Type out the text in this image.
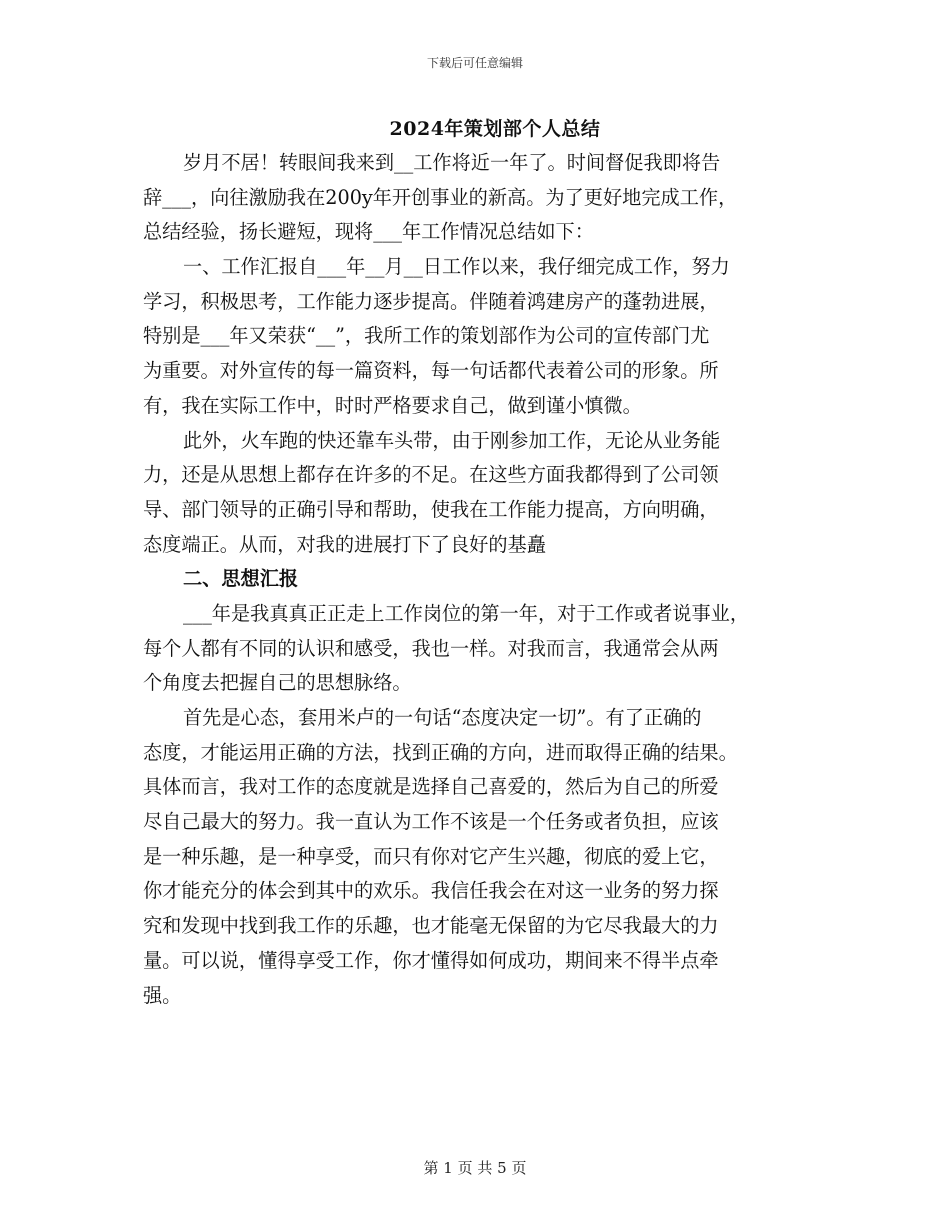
下载后可任意编辑
2024年策划部个人总结
岁月不居！转眼间我来到__工作将近一年了。时间督促我即将告
辞___，向往激励我在200y年开创事业的新高。为了更好地完成工作，
总结经验，扬长避短，现将___年工作情况总结如下：
一、工作汇报自___年__月__日工作以来，我仔细完成工作，努力
学习，积极思考，工作能力逐步提高。伴随着鸿建房产的蓬勃进展，
特别是___年又荣获“__”，我所工作的策划部作为公司的宣传部门尤
为重要。对外宣传的每一篇资料，每一句话都代表着公司的形象。所
有，我在实际工作中，时时严格要求自己，做到谨小慎微。
此外，火车跑的快还靠车头带，由于刚参加工作，无论从业务能
力，还是从思想上都存在许多的不足。在这些方面我都得到了公司领
导、部门领导的正确引导和帮助，使我在工作能力提高，方向明确，
态度端正。从而，对我的进展打下了良好的基矗
二、思想汇报
___年是我真真正正走上工作岗位的第一年，对于工作或者说事业，
每个人都有不同的认识和感受，我也一样。对我而言，我通常会从两
个角度去把握自己的思想脉络。
首先是心态，套用米卢的一句话“态度决定一切”。有了正确的
态度，才能运用正确的方法，找到正确的方向，进而取得正确的结果。
具体而言，我对工作的态度就是选择自己喜爱的，然后为自己的所爱
尽自己最大的努力。我一直认为工作不该是一个任务或者负担，应该
是一种乐趣，是一种享受，而只有你对它产生兴趣，彻底的爱上它，
你才能充分的体会到其中的欢乐。我信任我会在对这一业务的努力探
究和发现中找到我工作的乐趣，也才能毫无保留的为它尽我最大的力
量。可以说，懂得享受工作，你才懂得如何成功，期间来不得半点牵
强。
第 1 页 共 5 页
